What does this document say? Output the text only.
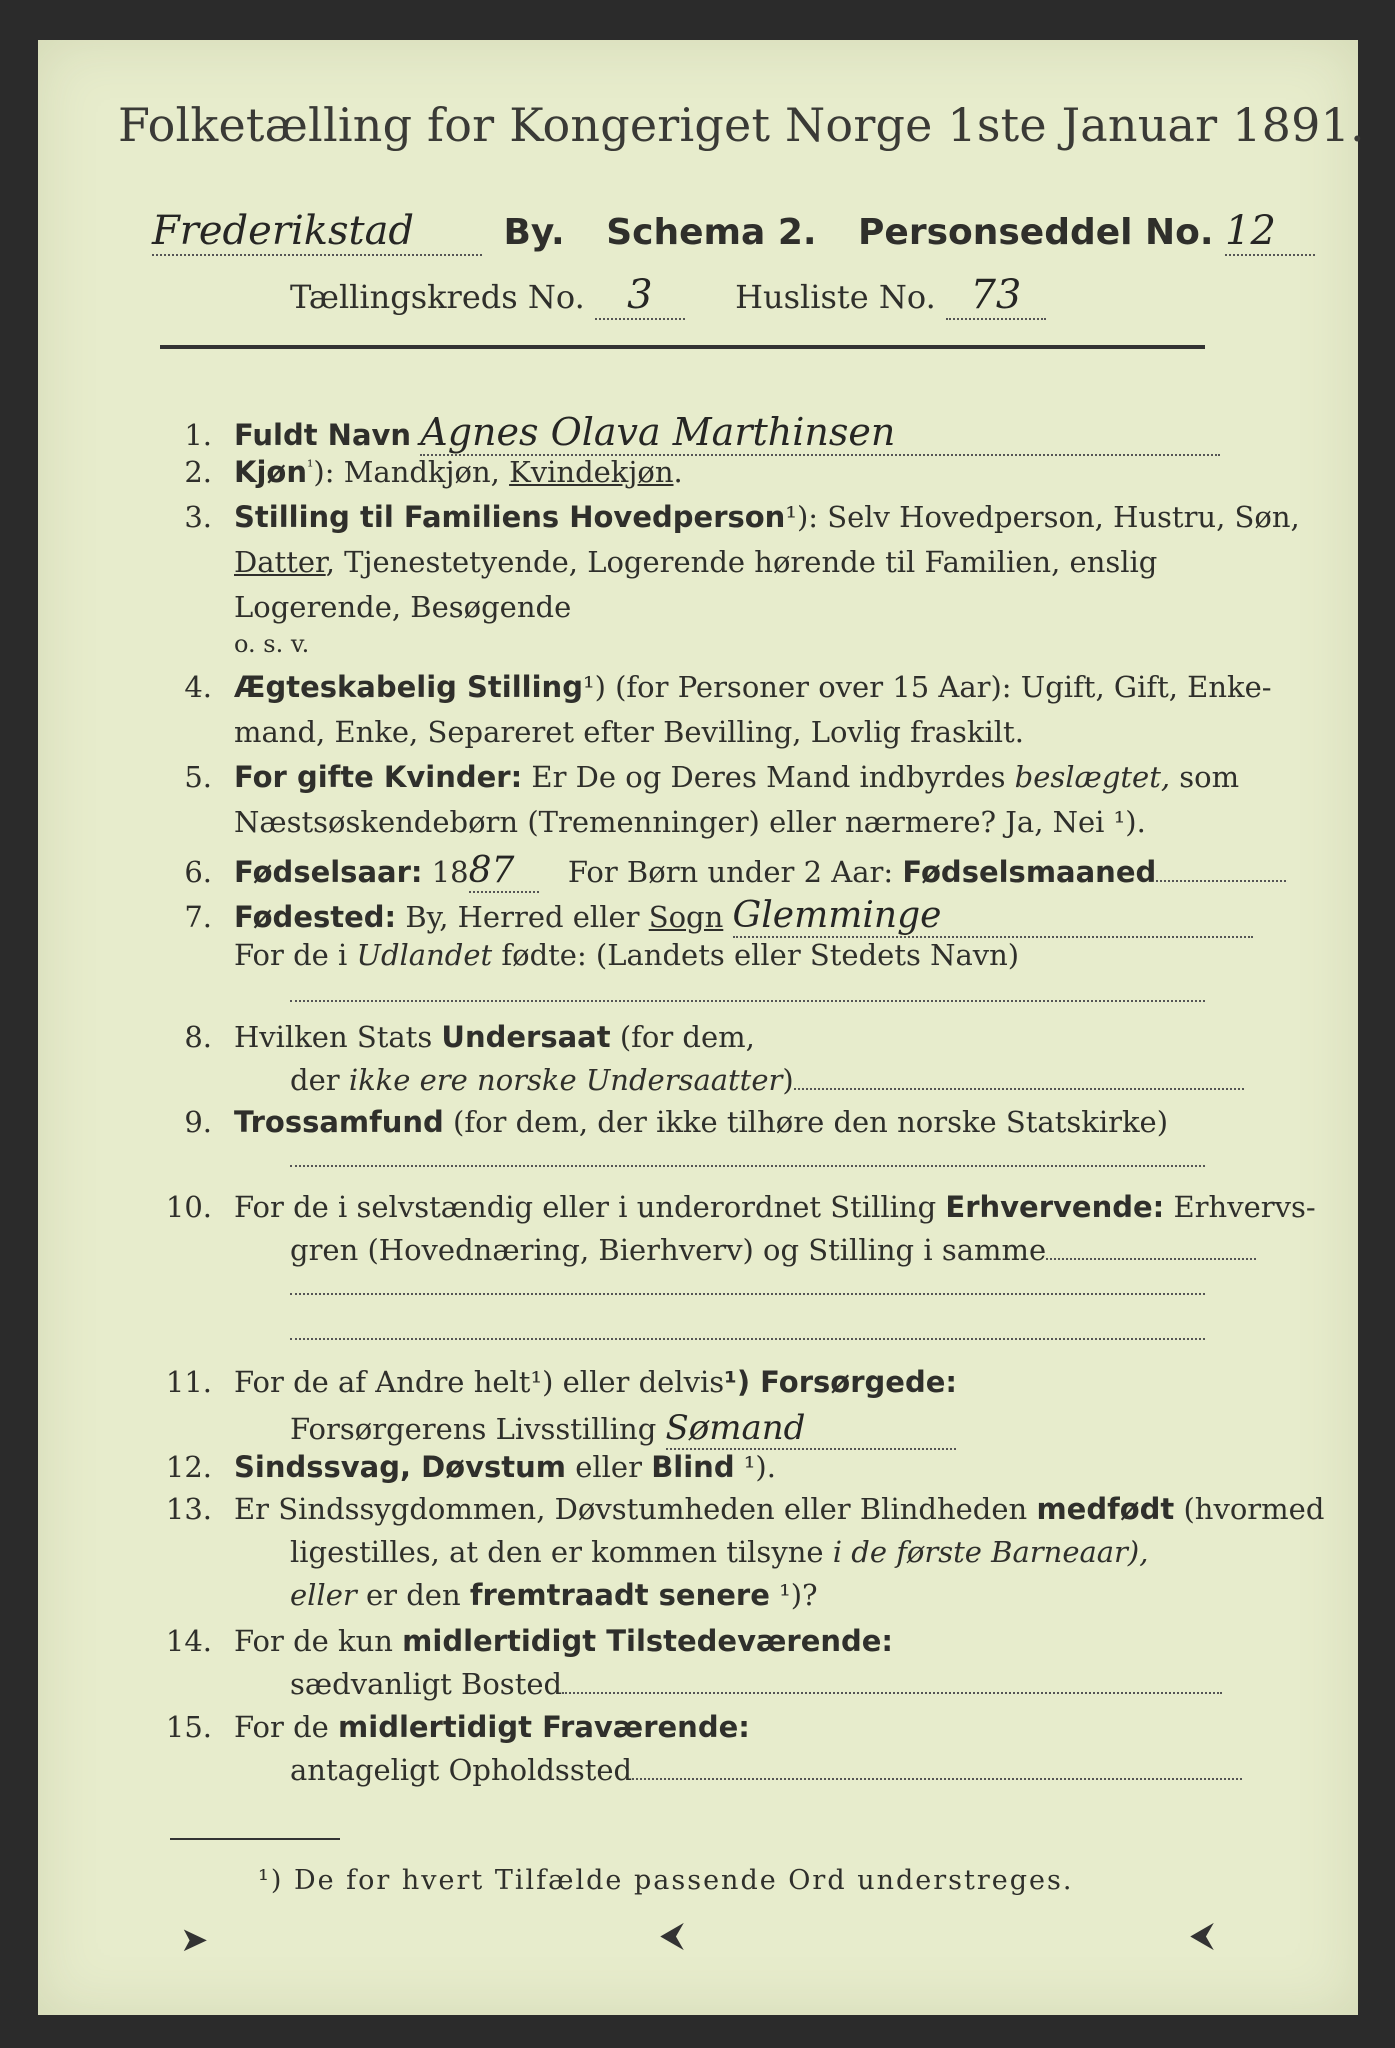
Folketælling for Kongeriget Norge 1ste Januar 1891.
Frederikstad By. Schema 2. Personseddel No. 12
Tællingskreds No. 3	Husliste No. 73
1. Fuldt Navn Agnes Olava Marthinsen
2. Kjøn$^{^1}$): Mandkjøn, Kvindekjøn.
3. Stilling til Familiens Hovedperson¹): Selv Hovedperson, Hustru, Søn,
Datter, Tjenestetyende, Logerende hørende til Familien, enslig
Logerende, Besøgende
o. s. v.
4. Ægteskabelig Stilling¹) (for Personer over 15 Aar): Ugift, Gift, Enke-
mand, Enke, Separeret efter Bevilling, Lovlig fraskilt.
5. For gifte Kvinder: Er De og Deres Mand indbyrdes beslægtet, som
Næstsøskendebørn (Tremenninger) eller nærmere? Ja, Nei ¹).
6. Fødselsaar: 1887 For Børn under 2 Aar: Fødselsmaaned
7. Fødested: By, Herred eller Sogn Glemminge
For de i Udlandet fødte: (Landets eller Stedets Navn)
8. Hvilken Stats Undersaat (for dem,
der ikke ere norske Undersaatter)
9. Trossamfund (for dem, der ikke tilhøre den norske Statskirke)
10. For de i selvstændig eller i underordnet Stilling Erhvervende: Erhvervs-
gren (Hovednæring, Bierhverv) og Stilling i samme
11. For de af Andre helt¹) eller delvis¹) Forsørgede:
Forsørgerens Livsstilling Sømand
12. Sindssvag, Døvstum eller Blind ¹).
13. Er Sindssygdommen, Døvstumheden eller Blindheden medfødt (hvormed
ligestilles, at den er kommen tilsyne i de første Barneaar),
eller er den fremtraadt senere ¹)?
14. For de kun midlertidigt Tilstedeværende:
sædvanligt Bosted
15. For de midlertidigt Fraværende:
antageligt Opholdssted
¹) De for hvert Tilfælde passende Ord understreges.
➤	⮜	⮜
